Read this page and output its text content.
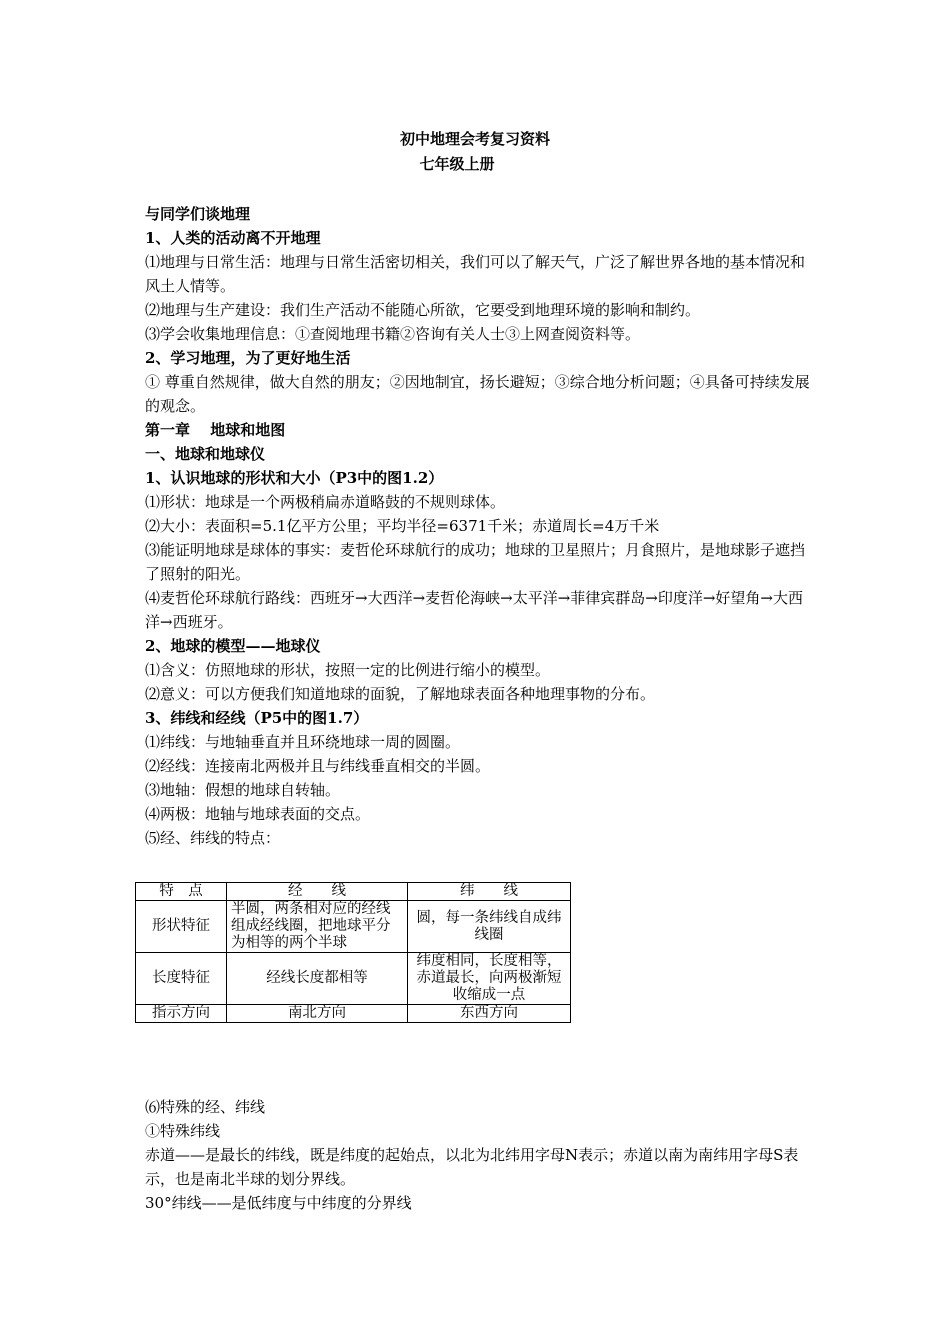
初中地理会考复习资料
七年级上册

与同学们谈地理

1、人类的活动离不开地理

⑴地理与日常生活：地理与日常生活密切相关，我们可以了解天气，广泛了解世界各地的基本情况和风土人情等。

⑵地理与生产建设：我们生产活动不能随心所欲，它要受到地理环境的影响和制约。

⑶学会收集地理信息：①查阅地理书籍②咨询有关人士③上网查阅资料等。

2、学习地理，为了更好地生活

① 尊重自然规律，做大自然的朋友；②因地制宜，扬长避短；③综合地分析问题；④具备可持续发展的观念。

第一章　 地球和地图

一、地球和地球仪

1、认识地球的形状和大小（P3中的图1.2）

⑴形状：地球是一个两极稍扁赤道略鼓的不规则球体。

⑵大小：表面积=5.1亿平方公里；平均半径=6371千米；赤道周长=4万千米

⑶能证明地球是球体的事实：麦哲伦环球航行的成功；地球的卫星照片；月食照片，是地球影子遮挡了照射的阳光。

⑷麦哲伦环球航行路线：西班牙→大西洋→麦哲伦海峡→太平洋→菲律宾群岛→印度洋→好望角→大西洋→西班牙。

2、地球的模型——地球仪

⑴含义：仿照地球的形状，按照一定的比例进行缩小的模型。

⑵意义：可以方便我们知道地球的面貌，了解地球表面各种地理事物的分布。

3、纬线和经线（P5中的图1.7）

⑴纬线：与地轴垂直并且环绕地球一周的圆圈。

⑵经线：连接南北两极并且与纬线垂直相交的半圆。

⑶地轴：假想的地球自转轴。

⑷两极：地轴与地球表面的交点。

⑸经、纬线的特点：

特　点	经　　线	纬　　线
形状特征	半圆，两条相对应的经线组成经线圈，把地球平分为相等的两个半球	圆，每一条纬线自成纬线圈
长度特征	经线长度都相等	纬度相同，长度相等，赤道最长，向两极渐短收缩成一点
指示方向	南北方向	东西方向

⑹特殊的经、纬线

①特殊纬线

赤道——是最长的纬线，既是纬度的起始点，以北为北纬用字母N表示；赤道以南为南纬用字母S表示，也是南北半球的划分界线。

30°纬线——是低纬度与中纬度的分界线
